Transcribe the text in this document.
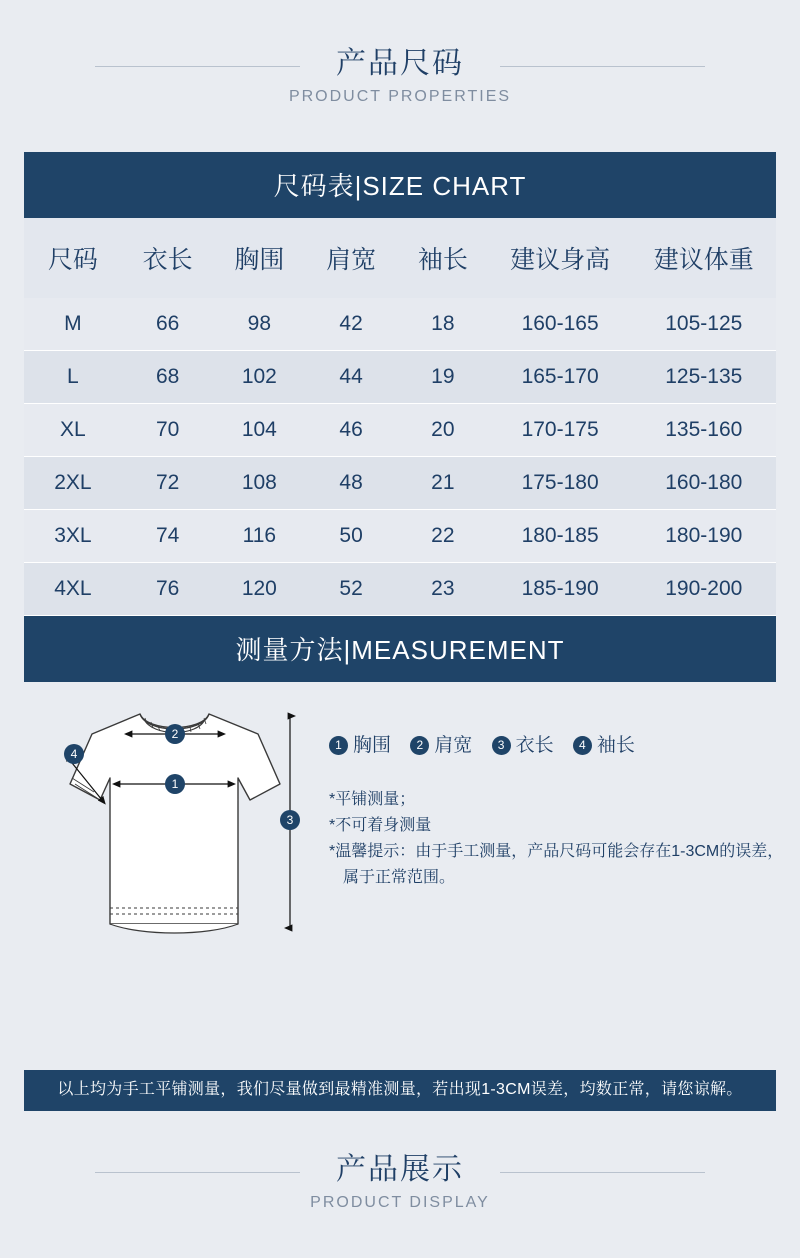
产品尺码
PRODUCT PROPERTIES
尺码表|SIZE CHART
尺码	衣长	胸围	肩宽	袖长	建议身高	建议体重
M	66	98	42	18	160-165	105-125
L	68	102	44	19	165-170	125-135
XL	70	104	46	20	170-175	135-160
2XL	72	108	48	21	175-180	160-180
3XL	74	116	50	22	180-185	180-190
4XL	76	120	52	23	185-190	190-200
测量方法|MEASUREMENT
2
1
4
3
1 胸围 2 肩宽 3 衣长 4 袖长
*平铺测量；
*不可着身测量
*温馨提示：由于手工测量，产品尺码可能会存在1-3CM的误差，
属于正常范围。
以上均为手工平铺测量，我们尽量做到最精准测量，若出现1-3CM误差，均数正常，请您谅解。
产品展示
PRODUCT DISPLAY
